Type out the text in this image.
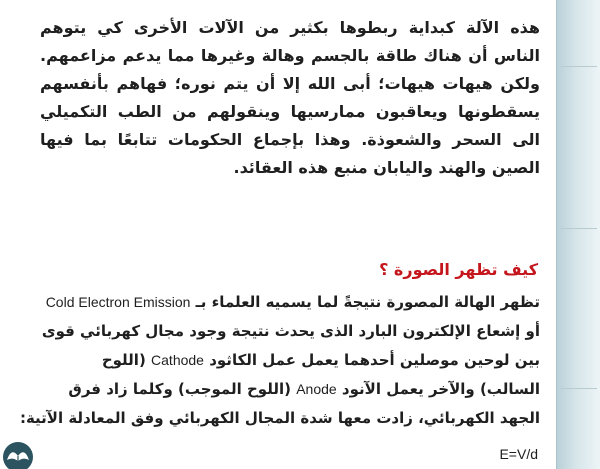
هذه الآلة كبداية ربطوها بكثير من الآلات الأخرى كي يتوهم الناس أن هناك طاقة بالجسم وهالة وغيرها مما يدعم مزاعمهم. ولكن هيهات هيهات؛ أبى الله إلا أن يتم نوره؛ فهاهم بأنفسهم يسقطونها ويعاقبون ممارسيها وينقولهم من الطب التكميلي الى السحر والشعوذة. وهذا بإجماع الحكومات تتابعًا بما فيها الصين والهند واليابان منبع هذه العقائد.
كيف تظهر الصورة ؟
تظهر الهالة المصورة نتيجةً لما يسميه العلماء بـ Cold Electron Emission
أو إشعاع الإلكترون البارد الذى يحدث نتيجة وجود مجال كهربائي قوى
بين لوحين موصلين أحدهما يعمل عمل الكاثود Cathode (اللوح
السالب) والآخر يعمل الآنود Anode (اللوح الموجب) وكلما زاد فرق
الجهد الكهربائي، زادت معها شدة المجال الكهربائي وفق المعادلة الآتية:
E=V/d
